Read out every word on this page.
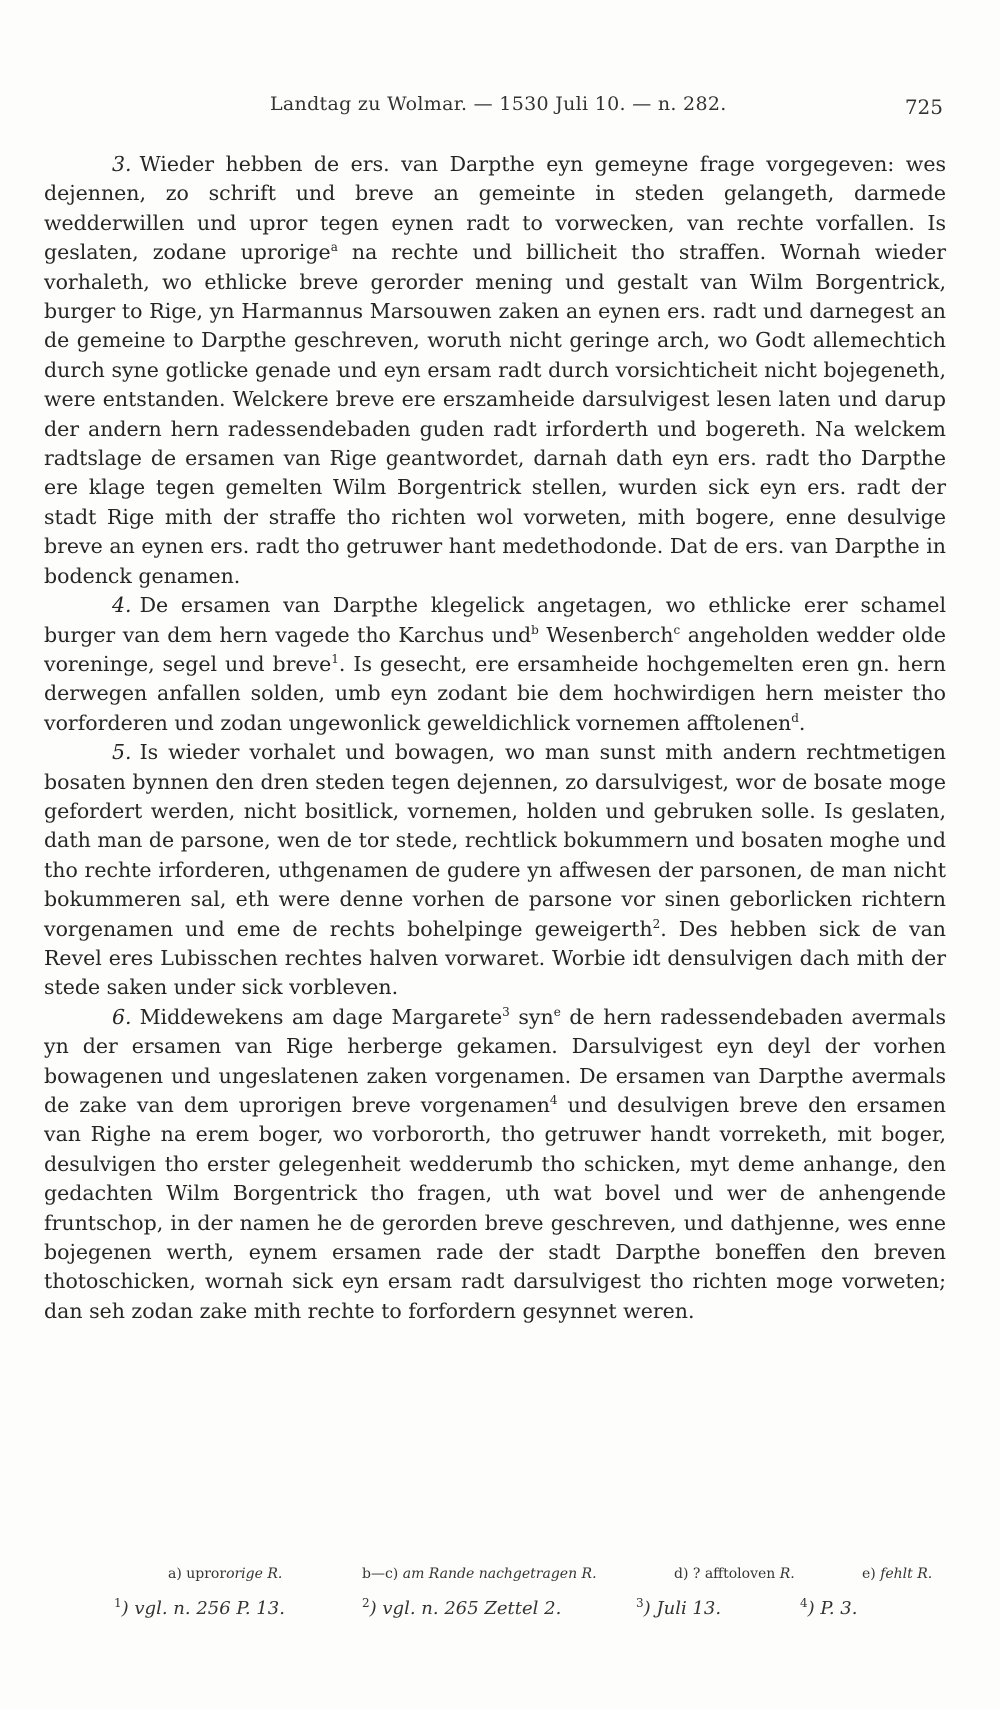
Landtag zu Wolmar. — 1530 Juli 10. — n. 282.	725

3. Wieder hebben de ers. van Darpthe eyn gemeyne frage vorgegeven: wes dejennen, zo schrift und breve an gemeinte in steden gelangeth, darmede wedderwillen und upror tegen eynen radt to vorwecken, van rechte vorfallen. Is geslaten, zodane uprorige$^a$ na rechte und billicheit tho straffen. Wornah wieder vorhaleth, wo ethlicke breve gerorder mening und gestalt van Wilm Borgentrick, burger to Rige, yn Harmannus Marsouwen zaken an eynen ers. radt und darnegest an de gemeine to Darpthe geschreven, woruth nicht geringe arch, wo Godt allemechtich durch syne gotlicke genade und eyn ersam radt durch vorsichticheit nicht bojegeneth, were entstanden. Welckere breve ere erszamheide darsulvigest lesen laten und darup der andern hern radessendebaden guden radt irforderth und bogereth. Na welckem radtslage de ersamen van Rige geantwordet, darnah dath eyn ers. radt tho Darpthe ere klage tegen gemelten Wilm Borgentrick stellen, wurden sick eyn ers. radt der stadt Rige mith der straffe tho richten wol vorweten, mith bogere, enne desulvige breve an eynen ers. radt tho getruwer hant medethodonde. Dat de ers. van Darpthe in bodenck genamen.

4. De ersamen van Darpthe klegelick angetagen, wo ethlicke erer schamel burger van dem hern vagede tho Karchus und$^b$ Wesenberch$^c$ angeholden wedder olde voreninge, segel und breve$^1$. Is gesecht, ere ersamheide hochgemelten eren gn. hern derwegen anfallen solden, umb eyn zodant bie dem hochwirdigen hern meister tho vorforderen und zodan ungewonlick geweldichlick vornemen afftolenen$^d$.

5. Is wieder vorhalet und bowagen, wo man sunst mith andern rechtmetigen bosaten bynnen den dren steden tegen dejennen, zo darsulvigest, wor de bosate moge gefordert werden, nicht bositlick, vornemen, holden und gebruken solle. Is geslaten, dath man de parsone, wen de tor stede, rechtlick bokummern und bosaten moghe und tho rechte irforderen, uthgenamen de gudere yn affwesen der parsonen, de man nicht bokummeren sal, eth were denne vorhen de parsone vor sinen geborlicken richtern vorgenamen und eme de rechts bohelpinge geweigerth$^2$. Des hebben sick de van Revel eres Lubisschen rechtes halven vorwaret. Worbie idt densulvigen dach mith der stede saken under sick vorbleven.

6. Middewekens am dage Margarete$^3$ syn$^e$ de hern radessendebaden avermals yn der ersamen van Rige herberge gekamen. Darsulvigest eyn deyl der vorhen bowagenen und ungeslatenen zaken vorgenamen. De ersamen van Darpthe avermals de zake van dem uprorigen breve vorgenamen$^4$ und desulvigen breve den ersamen van Righe na erem boger, wo vorbororth, tho getruwer handt vorreketh, mit boger, desulvigen tho erster gelegenheit wedderumb tho schicken, myt deme anhange, den gedachten Wilm Borgentrick tho fragen, uth wat bovel und wer de anhengende fruntschop, in der namen he de gerorden breve geschreven, und dathjenne, wes enne bojegenen werth, eynem ersamen rade der stadt Darpthe boneffen den breven thotoschicken, wornah sick eyn ersam radt darsulvigest tho richten moge vorweten; dan seh zodan zake mith rechte to forfordern gesynnet weren.

a) uprororige R.	b—c) am Rande nachgetragen R.	d) ? afftoloven R.	e) fehlt R.
$^1$) vgl. n. 256 P. 13.	$^2$) vgl. n. 265 Zettel 2.	$^3$) Juli 13.	$^4$) P. 3.
